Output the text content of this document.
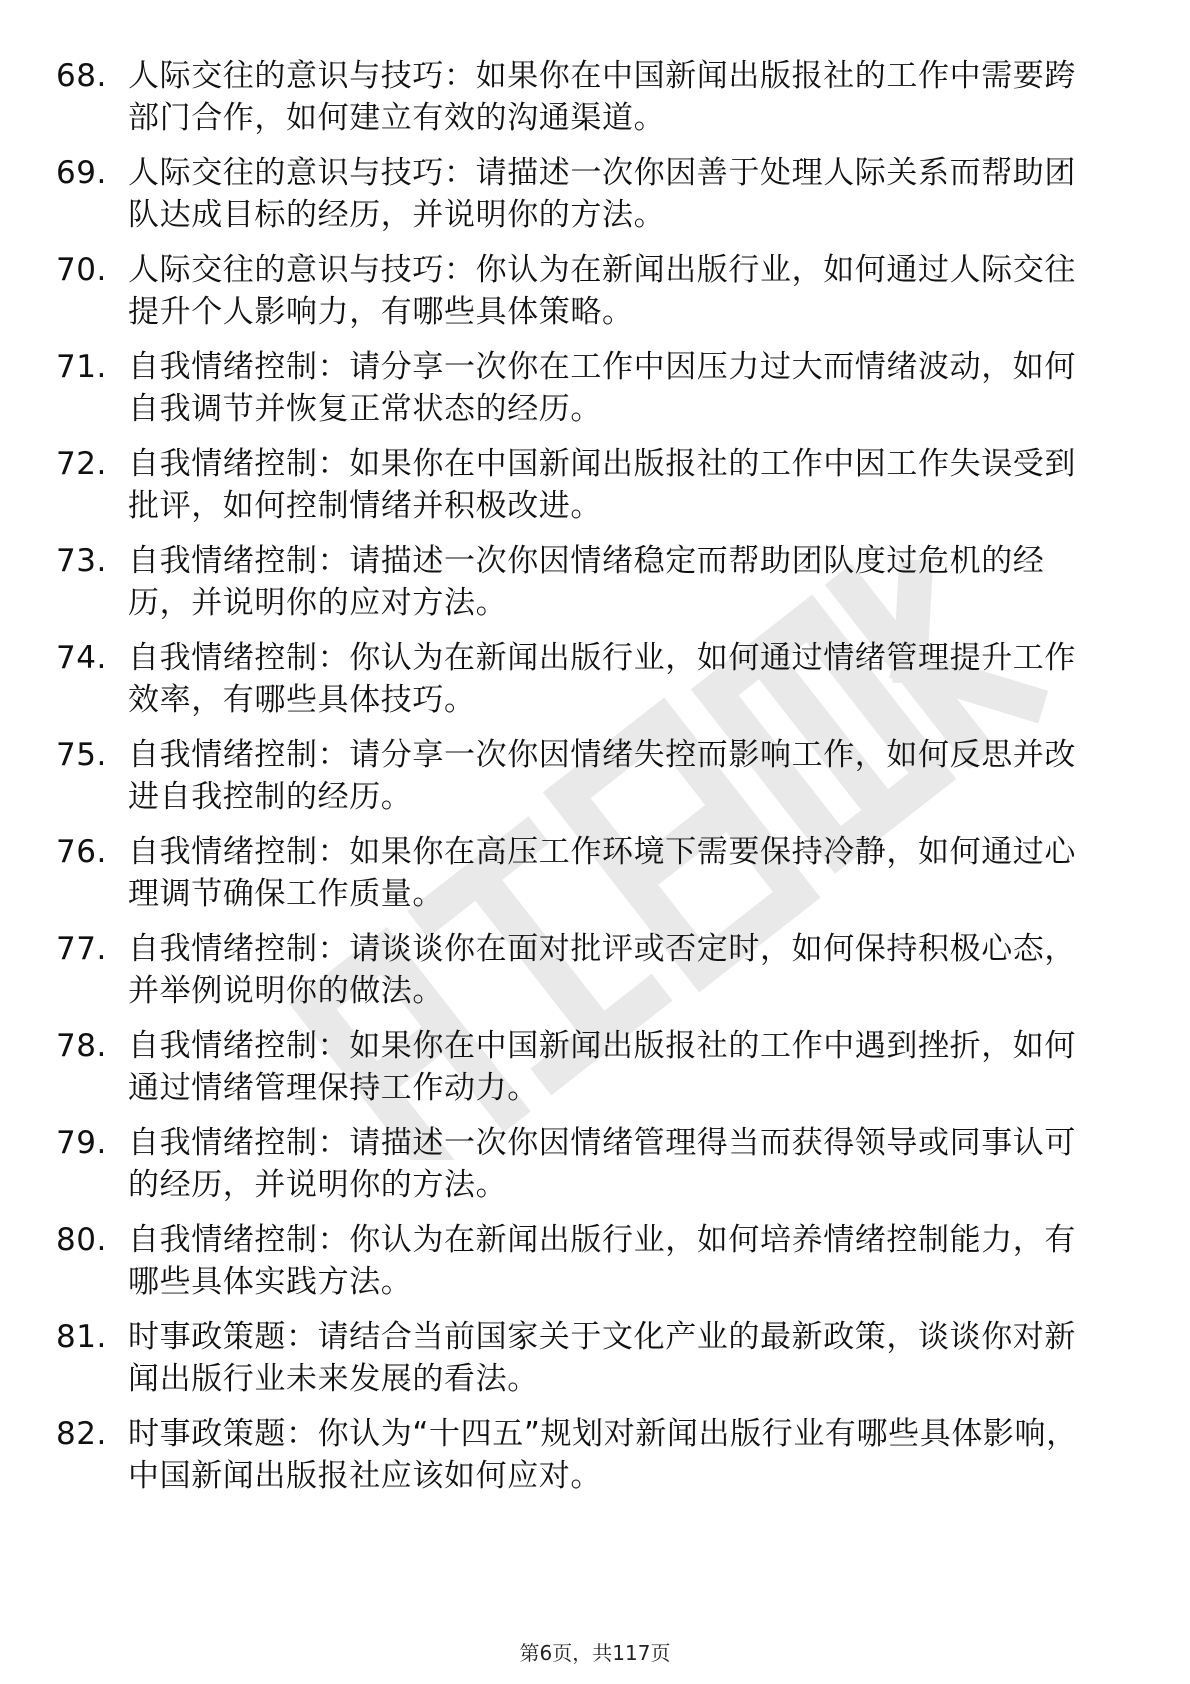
68. 人际交往的意识与技巧：如果你在中国新闻出版报社的工作中需要跨部门合作，如何建立有效的沟通渠道。

69. 人际交往的意识与技巧：请描述一次你因善于处理人际关系而帮助团队达成目标的经历，并说明你的方法。

70. 人际交往的意识与技巧：你认为在新闻出版行业，如何通过人际交往提升个人影响力，有哪些具体策略。

71. 自我情绪控制：请分享一次你在工作中因压力过大而情绪波动，如何自我调节并恢复正常状态的经历。

72. 自我情绪控制：如果你在中国新闻出版报社的工作中因工作失误受到批评，如何控制情绪并积极改进。

73. 自我情绪控制：请描述一次你因情绪稳定而帮助团队度过危机的经历，并说明你的应对方法。

74. 自我情绪控制：你认为在新闻出版行业，如何通过情绪管理提升工作效率，有哪些具体技巧。

75. 自我情绪控制：请分享一次你因情绪失控而影响工作，如何反思并改进自我控制的经历。

76. 自我情绪控制：如果你在高压工作环境下需要保持冷静，如何通过心理调节确保工作质量。

77. 自我情绪控制：请谈谈你在面对批评或否定时，如何保持积极心态，并举例说明你的做法。

78. 自我情绪控制：如果你在中国新闻出版报社的工作中遇到挫折，如何通过情绪管理保持工作动力。

79. 自我情绪控制：请描述一次你因情绪管理得当而获得领导或同事认可的经历，并说明你的方法。

80. 自我情绪控制：你认为在新闻出版行业，如何培养情绪控制能力，有哪些具体实践方法。

81. 时事政策题：请结合当前国家关于文化产业的最新政策，谈谈你对新闻出版行业未来发展的看法。

82. 时事政策题：你认为“十四五”规划对新闻出版行业有哪些具体影响，中国新闻出版报社应该如何应对。

第6页，共117页
